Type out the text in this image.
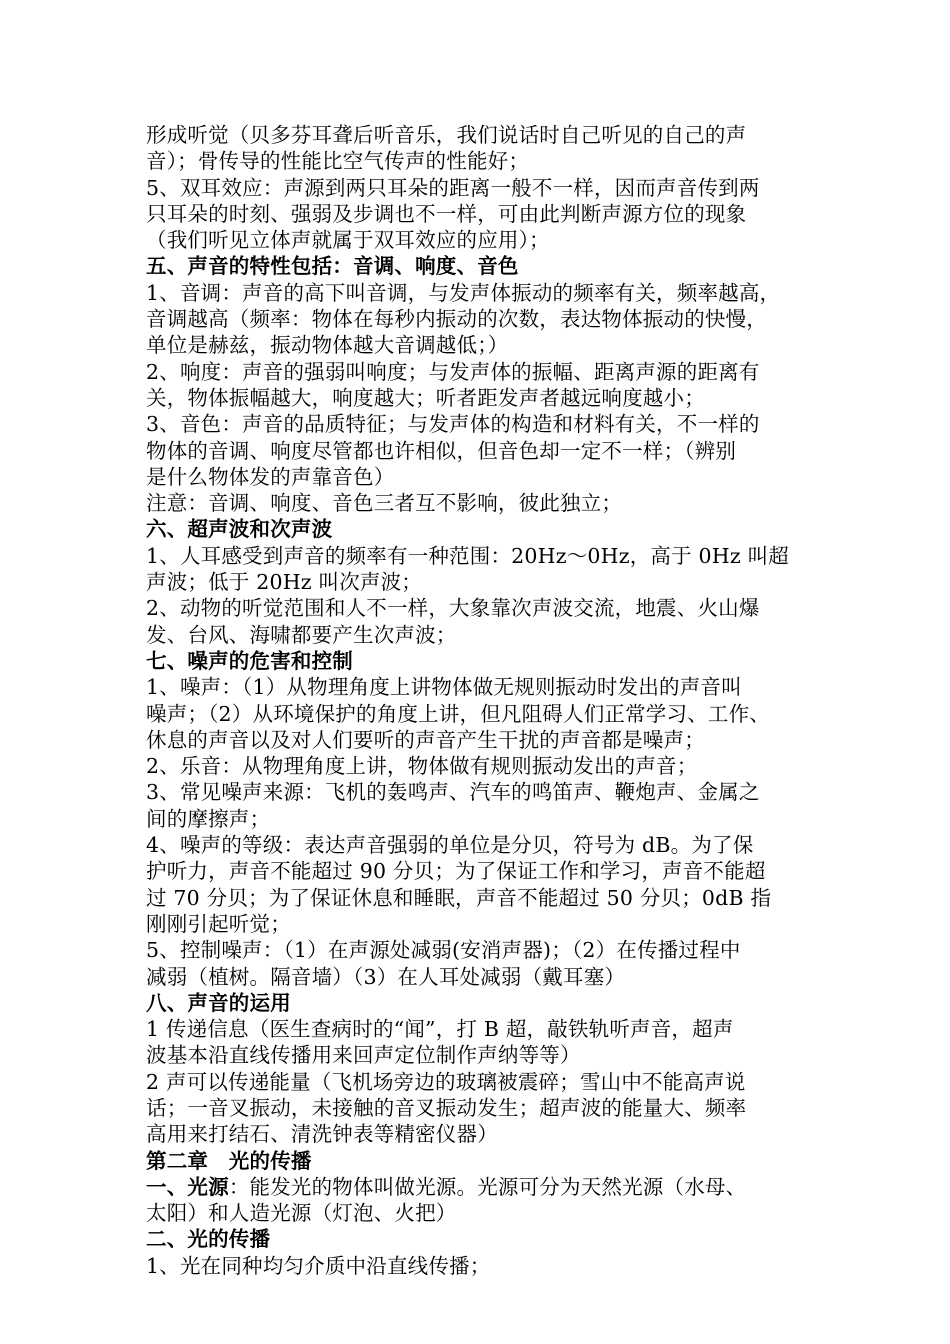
形成听觉（贝多芬耳聋后听音乐，我们说话时自己听见的自己的声
音）；骨传导的性能比空气传声的性能好；
5、双耳效应：声源到两只耳朵的距离一般不一样，因而声音传到两
只耳朵的时刻、强弱及步调也不一样，可由此判断声源方位的现象
（我们听见立体声就属于双耳效应的应用）；
五、声音的特性包括：音调、响度、音色
1、音调：声音的高下叫音调，与发声体振动的频率有关，频率越高，
音调越高（频率：物体在每秒内振动的次数，表达物体振动的快慢，
单位是赫兹，振动物体越大音调越低；）
2、响度：声音的强弱叫响度；与发声体的振幅、距离声源的距离有
关，物体振幅越大，响度越大；听者距发声者越远响度越小；
3、音色：声音的品质特征；与发声体的构造和材料有关，不一样的
物体的音调、响度尽管都也许相似，但音色却一定不一样；（辨别
是什么物体发的声靠音色）
注意：音调、响度、音色三者互不影响，彼此独立；
六、超声波和次声波
1、人耳感受到声音的频率有一种范围：20Hz～0Hz，高于 0Hz 叫超
声波；低于 20Hz 叫次声波；
2、动物的听觉范围和人不一样，大象靠次声波交流，地震、火山爆
发、台风、海啸都要产生次声波；
七、噪声的危害和控制
1、噪声：（1）从物理角度上讲物体做无规则振动时发出的声音叫
噪声；（2）从环境保护的角度上讲，但凡阻碍人们正常学习、工作、
休息的声音以及对人们要听的声音产生干扰的声音都是噪声；
2、乐音：从物理角度上讲，物体做有规则振动发出的声音；
3、常见噪声来源：飞机的轰鸣声、汽车的鸣笛声、鞭炮声、金属之
间的摩擦声；
4、噪声的等级：表达声音强弱的单位是分贝，符号为 dB。为了保
护听力，声音不能超过 90 分贝；为了保证工作和学习，声音不能超
过 70 分贝；为了保证休息和睡眠，声音不能超过 50 分贝；0dB 指
刚刚引起听觉；
5、控制噪声：（1）在声源处减弱(安消声器)；（2）在传播过程中
减弱（植树。隔音墙）（3）在人耳处减弱（戴耳塞）
八、声音的运用
1 传递信息（医生查病时的“闻”，打 B 超，敲铁轨听声音，超声
波基本沿直线传播用来回声定位制作声纳等等）
2 声可以传递能量（飞机场旁边的玻璃被震碎；雪山中不能高声说
话；一音叉振动，未接触的音叉振动发生；超声波的能量大、频率
高用来打结石、清洗钟表等精密仪器）
第二章　光的传播
一、光源：能发光的物体叫做光源。光源可分为天然光源（水母、
太阳）和人造光源（灯泡、火把）
二、光的传播
1、光在同种均匀介质中沿直线传播；
